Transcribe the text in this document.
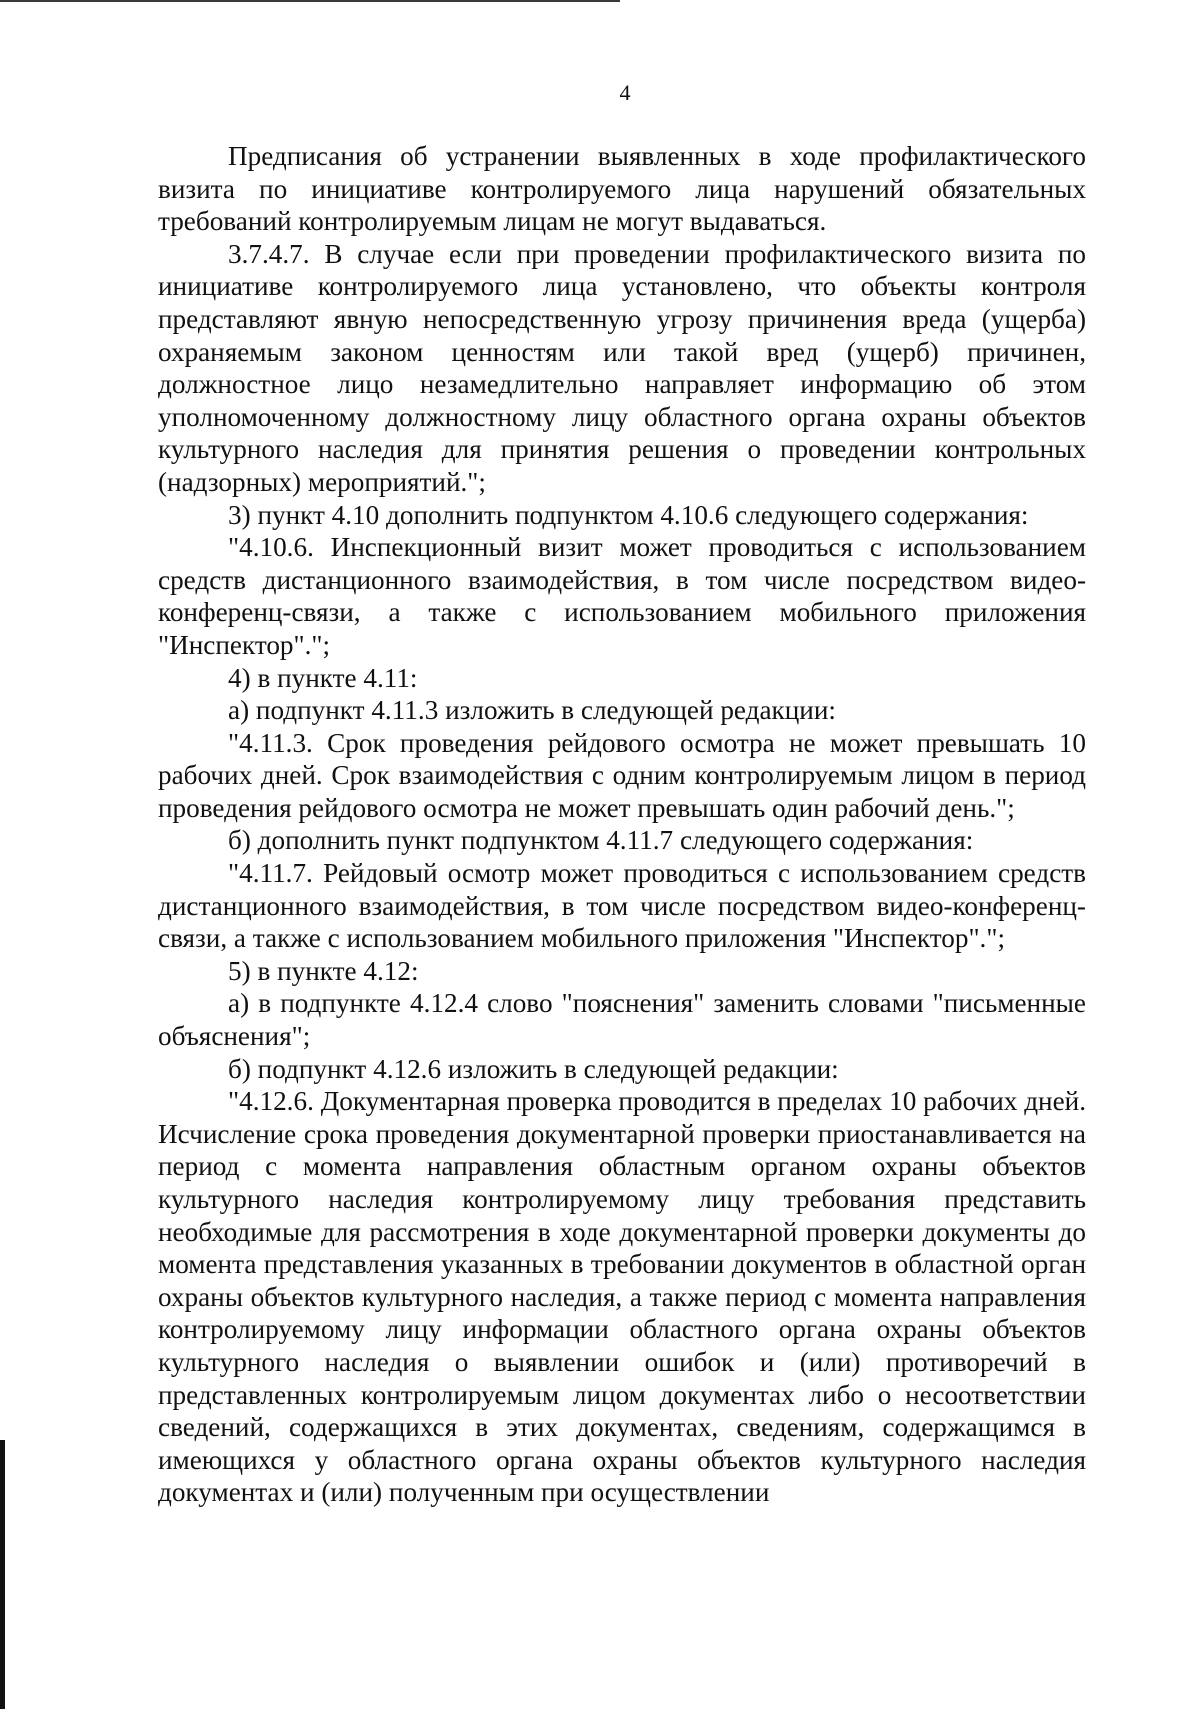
4

Предписания об устранении выявленных в ходе профилактического визита по инициативе контролируемого лица нарушений обязательных требований контролируемым лицам не могут выдаваться.

3.7.4.7. В случае если при проведении профилактического визита по инициативе контролируемого лица установлено, что объекты контроля представляют явную непосредственную угрозу причинения вреда (ущерба) охраняемым законом ценностям или такой вред (ущерб) причинен, должностное лицо незамедлительно направляет информацию об этом уполномоченному должностному лицу областного органа охраны объектов культурного наследия для принятия решения о проведении контрольных (надзорных) мероприятий.";

3) пункт 4.10 дополнить подпунктом 4.10.6 следующего содержания:

"4.10.6. Инспекционный визит может проводиться с использованием средств дистанционного взаимодействия, в том числе посредством видео-конференц-связи, а также с использованием мобильного приложения "Инспектор".";

4) в пункте 4.11:

а) подпункт 4.11.3 изложить в следующей редакции:

"4.11.3. Срок проведения рейдового осмотра не может превышать 10 рабочих дней. Срок взаимодействия с одним контролируемым лицом в период проведения рейдового осмотра не может превышать один рабочий день.";

б) дополнить пункт подпунктом 4.11.7 следующего содержания:

"4.11.7. Рейдовый осмотр может проводиться с использованием средств дистанционного взаимодействия, в том числе посредством видео-конференц-связи, а также с использованием мобильного приложения "Инспектор".";

5) в пункте 4.12:

а) в подпункте 4.12.4 слово "пояснения" заменить словами "письменные объяснения";

б) подпункт 4.12.6 изложить в следующей редакции:

"4.12.6. Документарная проверка проводится в пределах 10 рабочих дней. Исчисление срока проведения документарной проверки приостанавливается на период с момента направления областным органом охраны объектов культурного наследия контролируемому лицу требования представить необходимые для рассмотрения в ходе документарной проверки документы до момента представления указанных в требовании документов в областной орган охраны объектов культурного наследия, а также период с момента направления контролируемому лицу информации областного органа охраны объектов культурного наследия о выявлении ошибок и (или) противоречий в представленных контролируемым лицом документах либо о несоответствии сведений, содержащихся в этих документах, сведениям, содержащимся в имеющихся у областного органа охраны объектов культурного наследия документах и (или) полученным при осуществлении
